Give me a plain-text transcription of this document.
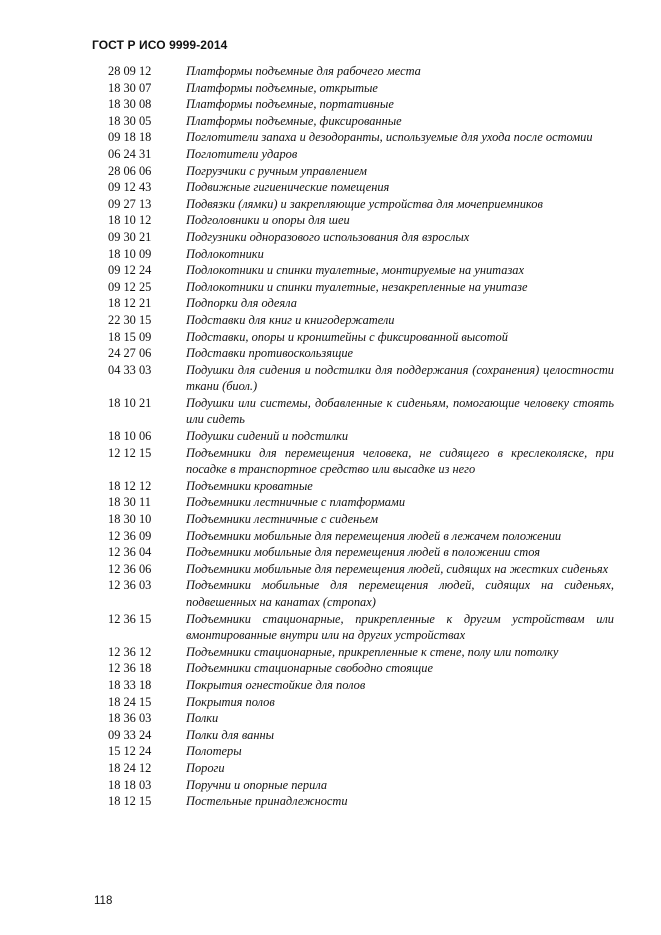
ГОСТ Р ИСО 9999-2014
28 09 12	Платформы подъемные для рабочего места
18 30 07	Платформы подъемные, открытые
18 30 08	Платформы подъемные, портативные
18 30 05	Платформы подъемные, фиксированные
09 18 18	Поглотители запаха и дезодоранты, используемые для ухода после остомии
06 24 31	Поглотители ударов
28 06 06	Погрузчики с ручным управлением
09 12 43	Подвижные гигиенические помещения
09 27 13	Подвязки (лямки) и закрепляющие устройства для мочеприемников
18 10 12	Подголовники и опоры для шеи
09 30 21	Подгузники одноразового использования для взрослых
18 10 09	Подлокотники
09 12 24	Подлокотники и спинки туалетные, монтируемые на унитазах
09 12 25	Подлокотники и спинки туалетные, незакрепленные на унитазе
18 12 21	Подпорки для одеяла
22 30 15	Подставки для книг и книгодержатели
18 15 09	Подставки, опоры и кронштейны с фиксированной высотой
24 27 06	Подставки противоскользящие
04 33 03	Подушки для сидения и подстилки для поддержания (сохранения) целостности ткани (биол.)
18 10 21	Подушки или системы, добавленные к сиденьям, помогающие человеку стоять или сидеть
18 10 06	Подушки сидений и подстилки
12 12 15	Подъемники для перемещения человека, не сидящего в креслеколяске, при посадке в транспортное средство или высадке из него
18 12 12	Подъемники кроватные
18 30 11	Подъемники лестничные с платформами
18 30 10	Подъемники лестничные с сиденьем
12 36 09	Подъемники мобильные для перемещения людей в лежачем положении
12 36 04	Подъемники мобильные для перемещения людей в положении стоя
12 36 06	Подъемники мобильные для перемещения людей, сидящих на жестких сиденьях
12 36 03	Подъемники мобильные для перемещения людей, сидящих на сиденьях, подвешенных на канатах (стропах)
12 36 15	Подъемники стационарные, прикрепленные к другим устройствам или вмонтированные внутри или на других устройствах
12 36 12	Подъемники стационарные, прикрепленные к стене, полу или потолку
12 36 18	Подъемники стационарные свободно стоящие
18 33 18	Покрытия огнестойкие для полов
18 24 15	Покрытия полов
18 36 03	Полки
09 33 24	Полки для ванны
15 12 24	Полотеры
18 24 12	Пороги
18 18 03	Поручни и опорные перила
18 12 15	Постельные принадлежности
118
